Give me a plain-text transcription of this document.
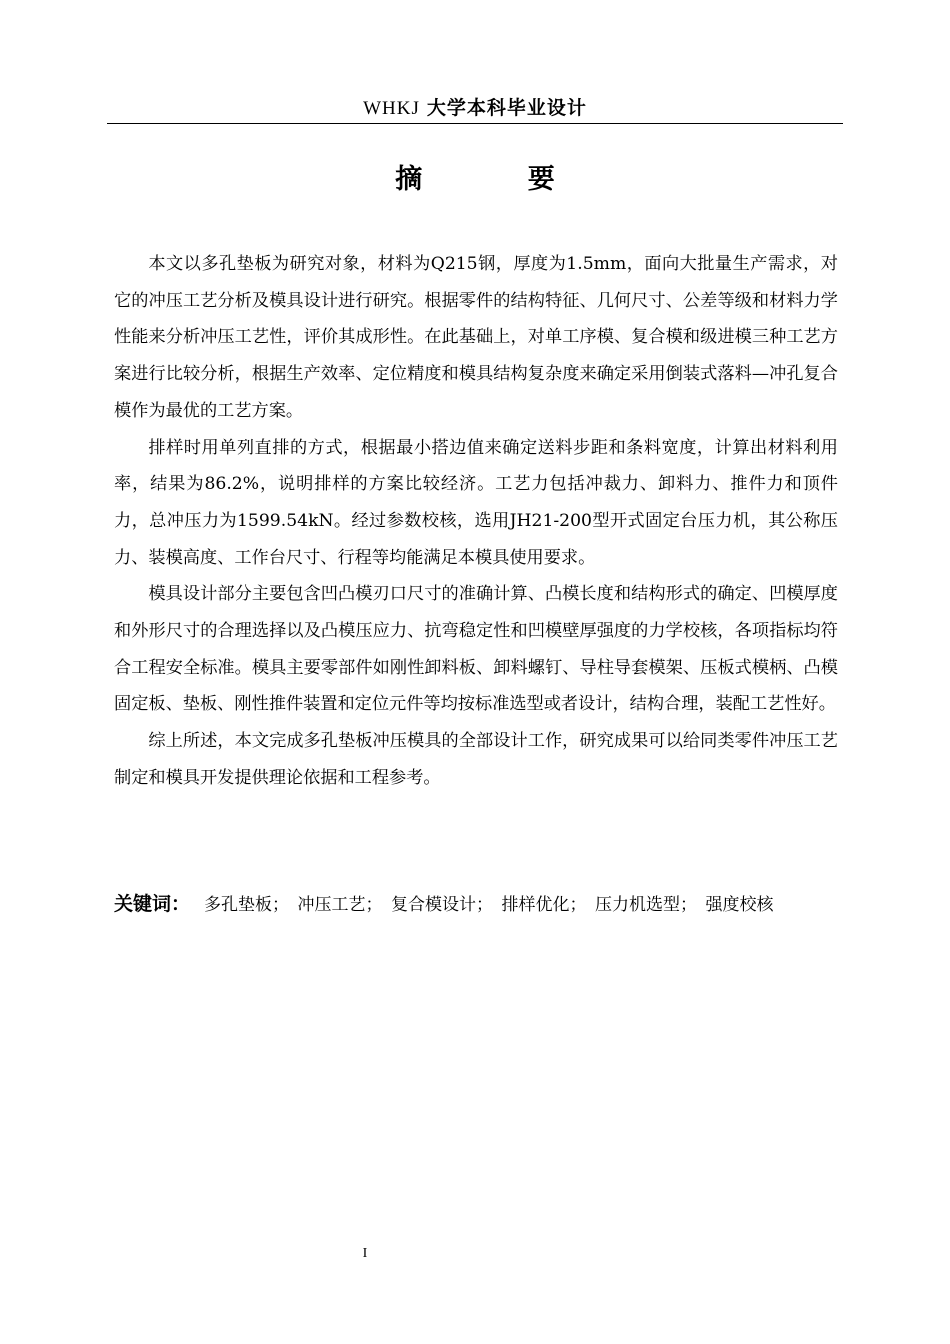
WHKJ 大学本科毕业设计
摘 要

本文以多孔垫板为研究对象，材料为Q215钢，厚度为1.5mm，面向大批量生产需求，对它的冲压工艺分析及模具设计进行研究。根据零件的结构特征、几何尺寸、公差等级和材料力学性能来分析冲压工艺性，评价其成形性。在此基础上，对单工序模、复合模和级进模三种工艺方案进行比较分析，根据生产效率、定位精度和模具结构复杂度来确定采用倒装式落料—冲孔复合模作为最优的工艺方案。

排样时用单列直排的方式，根据最小搭边值来确定送料步距和条料宽度，计算出材料利用率，结果为86.2%，说明排样的方案比较经济。工艺力包括冲裁力、卸料力、推件力和顶件力，总冲压力为1599.54kN。经过参数校核，选用JH21-200型开式固定台压力机，其公称压力、装模高度、工作台尺寸、行程等均能满足本模具使用要求。

模具设计部分主要包含凹凸模刃口尺寸的准确计算、凸模长度和结构形式的确定、凹模厚度和外形尺寸的合理选择以及凸模压应力、抗弯稳定性和凹模壁厚强度的力学校核，各项指标均符合工程安全标准。模具主要零部件如刚性卸料板、卸料螺钉、导柱导套模架、压板式模柄、凸模固定板、垫板、刚性推件装置和定位元件等均按标准选型或者设计，结构合理，装配工艺性好。

综上所述，本文完成多孔垫板冲压模具的全部设计工作，研究成果可以给同类零件冲压工艺制定和模具开发提供理论依据和工程参考。

关键词： 多孔垫板；　冲压工艺；　复合模设计；　排样优化；　压力机选型；　强度校核
I
